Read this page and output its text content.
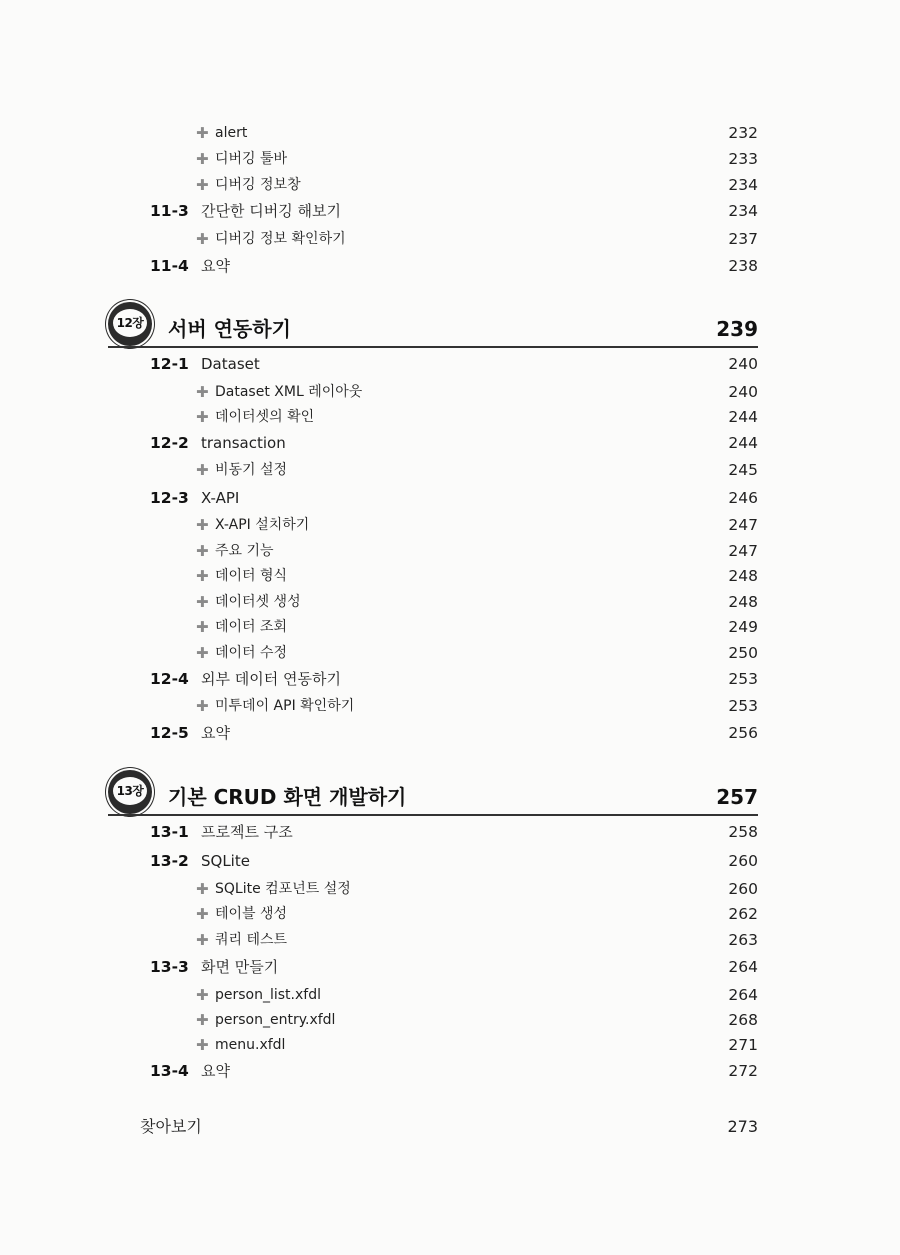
✚ alert	232
✚ 디버깅 툴바	233
✚ 디버깅 정보창	234
11-3 간단한 디버깅 해보기	234
✚ 디버깅 정보 확인하기	237
11-4 요약	238
12장 서버 연동하기	239
12-1 Dataset	240
✚ Dataset XML 레이아웃	240
✚ 데이터셋의 확인	244
12-2 transaction	244
✚ 비동기 설정	245
12-3 X-API	246
✚ X-API 설치하기	247
✚ 주요 기능	247
✚ 데이터 형식	248
✚ 데이터셋 생성	248
✚ 데이터 조회	249
✚ 데이터 수정	250
12-4 외부 데이터 연동하기	253
✚ 미투데이 API 확인하기	253
12-5 요약	256
13장 기본 CRUD 화면 개발하기	257
13-1 프로젝트 구조	258
13-2 SQLite	260
✚ SQLite 컴포넌트 설정	260
✚ 테이블 생성	262
✚ 쿼리 테스트	263
13-3 화면 만들기	264
✚ person_list.xfdl	264
✚ person_entry.xfdl	268
✚ menu.xfdl	271
13-4 요약	272
찾아보기	273
